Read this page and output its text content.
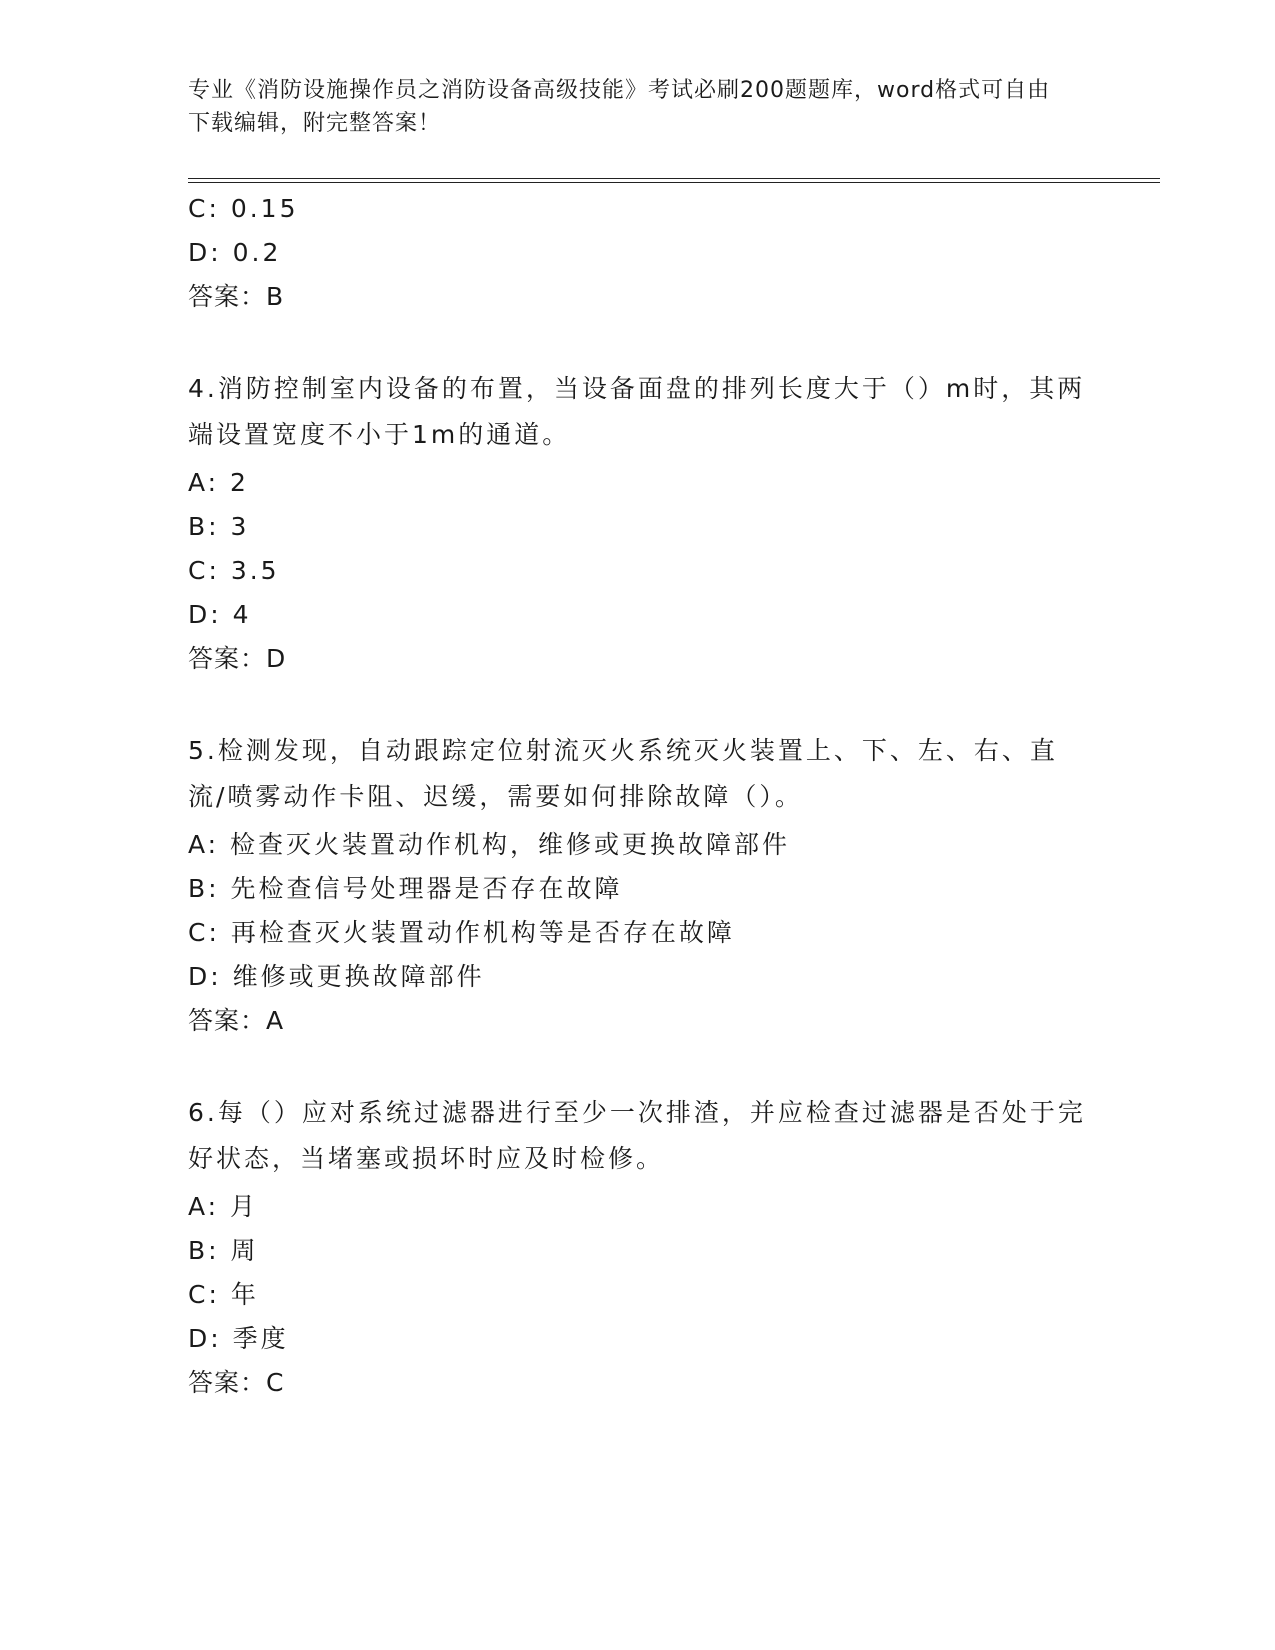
专业《消防设施操作员之消防设备高级技能》考试必刷200题题库，word格式可自由下载编辑，附完整答案！
C: 0.15
D: 0.2
答案：B
4.消防控制室内设备的布置，当设备面盘的排列长度大于（）m时，其两端设置宽度不小于1m的通道。
A: 2
B: 3
C: 3.5
D: 4
答案：D
5.检测发现，自动跟踪定位射流灭火系统灭火装置上、下、左、右、直流/喷雾动作卡阻、迟缓，需要如何排除故障（）。
A: 检查灭火装置动作机构，维修或更换故障部件
B: 先检查信号处理器是否存在故障
C: 再检查灭火装置动作机构等是否存在故障
D: 维修或更换故障部件
答案：A
6.每（）应对系统过滤器进行至少一次排渣，并应检查过滤器是否处于完好状态，当堵塞或损坏时应及时检修。
A: 月
B: 周
C: 年
D: 季度
答案：C
